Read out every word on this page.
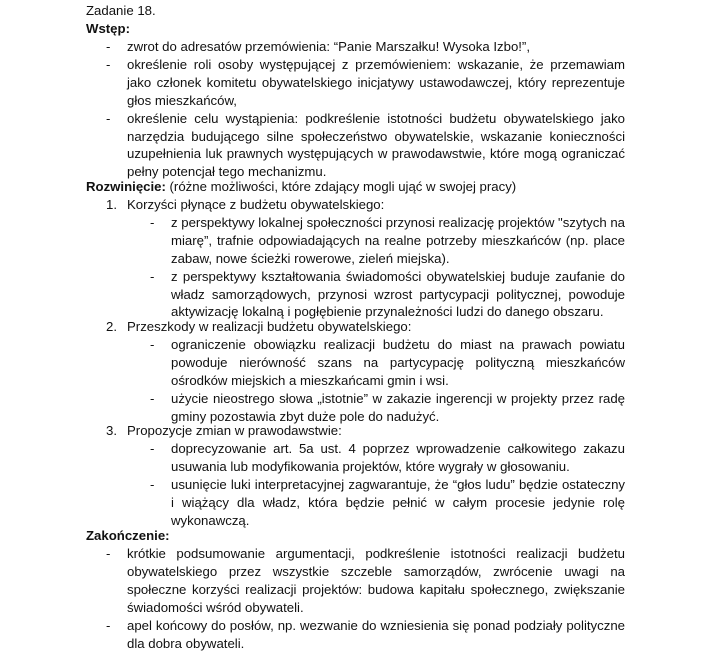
Zadanie 18.
Wstęp:
- zwrot do adresatów przemówienia: “Panie Marszałku! Wysoka Izbo!”,
- określenie roli osoby występującej z przemówieniem: wskazanie, że przemawiam
jako członek komitetu obywatelskiego inicjatywy ustawodawczej, który reprezentuje
głos mieszkańców,
- określenie celu wystąpienia: podkreślenie istotności budżetu obywatelskiego jako
narzędzia budującego silne społeczeństwo obywatelskie, wskazanie konieczności
uzupełnienia luk prawnych występujących w prawodawstwie, które mogą ograniczać
pełny potencjał tego mechanizmu.
Rozwinięcie: (różne możliwości, które zdający mogli ująć w swojej pracy)
1. Korzyści płynące z budżetu obywatelskiego:
- z perspektywy lokalnej społeczności przynosi realizację projektów "szytych na
miarę”, trafnie odpowiadających na realne potrzeby mieszkańców (np. place
zabaw, nowe ścieżki rowerowe, zieleń miejska).
- z perspektywy kształtowania świadomości obywatelskiej buduje zaufanie do
władz samorządowych, przynosi wzrost partycypacji politycznej, powoduje
aktywizację lokalną i pogłębienie przynależności ludzi do danego obszaru.
2. Przeszkody w realizacji budżetu obywatelskiego:
- ograniczenie obowiązku realizacji budżetu do miast na prawach powiatu
powoduje nierówność szans na partycypację polityczną mieszkańców
ośrodków miejskich a mieszkańcami gmin i wsi.
- użycie nieostrego słowa „istotnie” w zakazie ingerencji w projekty przez radę
gminy pozostawia zbyt duże pole do nadużyć.
3. Propozycje zmian w prawodawstwie:
- doprecyzowanie art. 5a ust. 4 poprzez wprowadzenie całkowitego zakazu
usuwania lub modyfikowania projektów, które wygrały w głosowaniu.
- usunięcie luki interpretacyjnej zagwarantuje, że “głos ludu” będzie ostateczny
i wiążący dla władz, która będzie pełnić w całym procesie jedynie rolę
wykonawczą.
Zakończenie:
- krótkie podsumowanie argumentacji, podkreślenie istotności realizacji budżetu
obywatelskiego przez wszystkie szczeble samorządów, zwrócenie uwagi na
społeczne korzyści realizacji projektów: budowa kapitału społecznego, zwiększanie
świadomości wśród obywateli.
- apel końcowy do posłów, np. wezwanie do wzniesienia się ponad podziały polityczne
dla dobra obywateli.
